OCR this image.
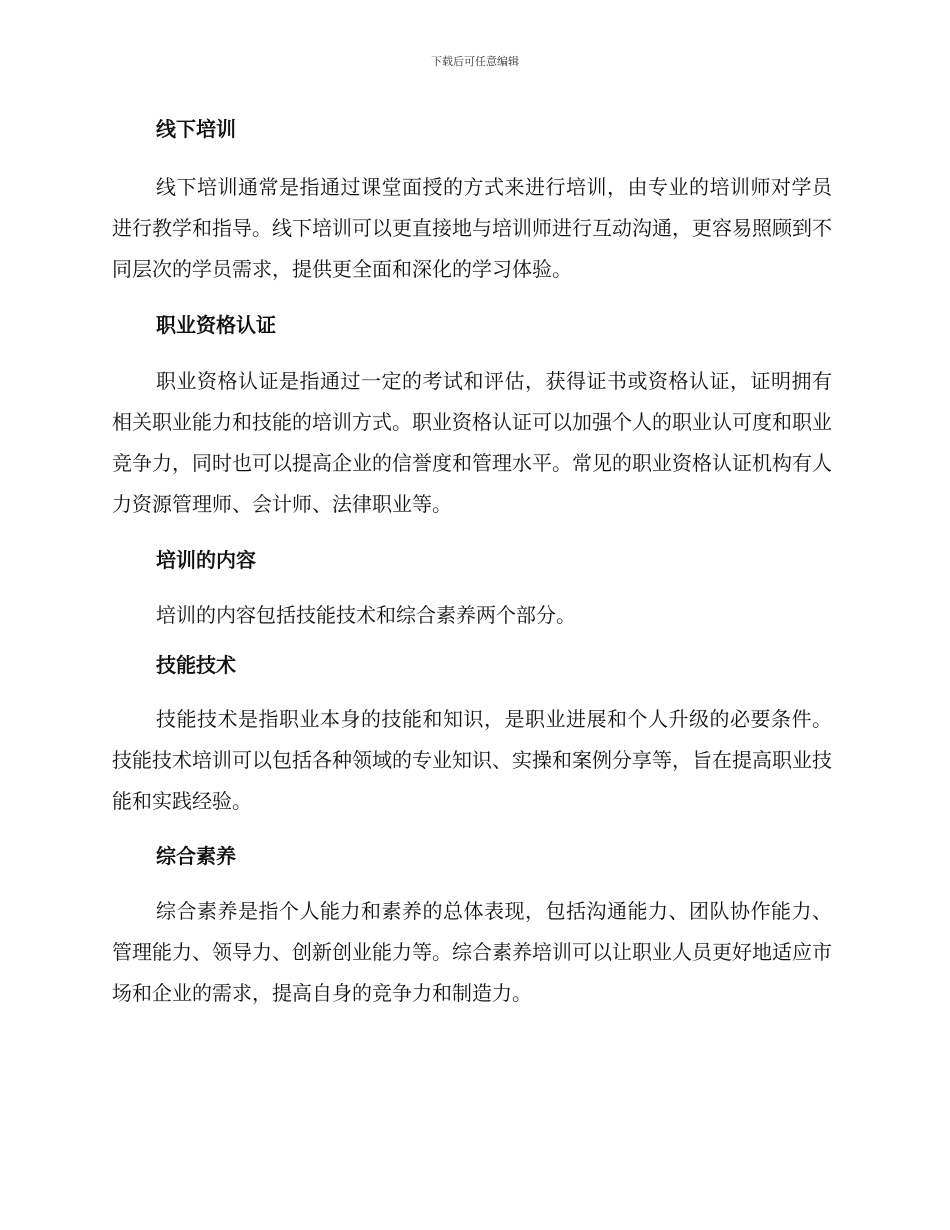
下载后可任意编辑
线下培训

线下培训通常是指通过课堂面授的方式来进行培训，由专业的培训师对学员进行教学和指导。线下培训可以更直接地与培训师进行互动沟通，更容易照顾到不同层次的学员需求，提供更全面和深化的学习体验。

职业资格认证

职业资格认证是指通过一定的考试和评估，获得证书或资格认证，证明拥有相关职业能力和技能的培训方式。职业资格认证可以加强个人的职业认可度和职业竞争力，同时也可以提高企业的信誉度和管理水平。常见的职业资格认证机构有人力资源管理师、会计师、法律职业等。

培训的内容

培训的内容包括技能技术和综合素养两个部分。

技能技术

技能技术是指职业本身的技能和知识，是职业进展和个人升级的必要条件。技能技术培训可以包括各种领域的专业知识、实操和案例分享等，旨在提高职业技能和实践经验。

综合素养

综合素养是指个人能力和素养的总体表现，包括沟通能力、团队协作能力、管理能力、领导力、创新创业能力等。综合素养培训可以让职业人员更好地适应市场和企业的需求，提高自身的竞争力和制造力。
